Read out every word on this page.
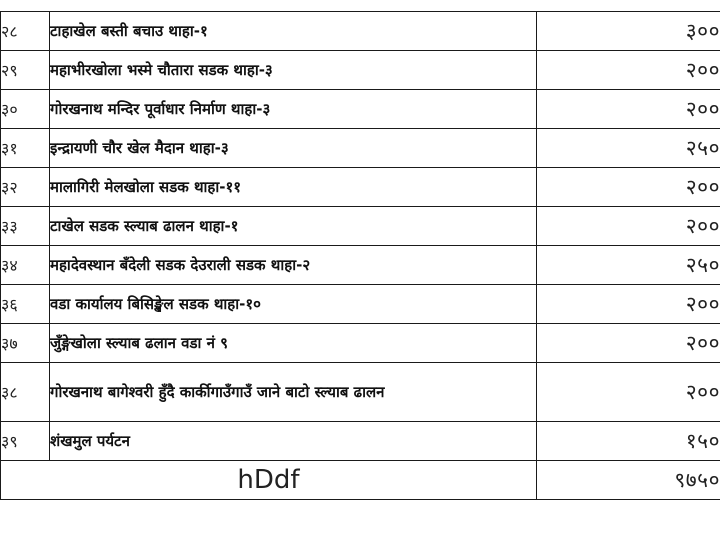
२८	टाहाखेल बस्ती बचाउ थाहा-१	३००
२९	महाभीरखोला भस्मे चौतारा सडक थाहा-३	२००
३०	गोरखनाथ मन्दिर पूर्वाधार निर्माण थाहा-३	२००
३१	इन्द्रायणी चौर खेल मैदान थाहा-३	२५०
३२	मालागिरी मेलखोला सडक थाहा-११	२००
३३	टाखेल सडक स्ल्याब ढालन थाहा-१	२००
३४	महादेवस्थान बँदेली सडक देउराली सडक थाहा-२	२५०
३६	वडा कार्यालय बिसिङ्खेल सडक थाहा-१०	२००
३७	जुँङ्गेखोला स्ल्याब ढलान वडा नं ९	२००
३८	गोरखनाथ बागेश्वरी हुँदै कार्कीगाउँगाउँ जाने बाटो स्ल्याब ढालन	२००
३९	शंखमुल पर्यटन	१५०
hDdf		९७५०
